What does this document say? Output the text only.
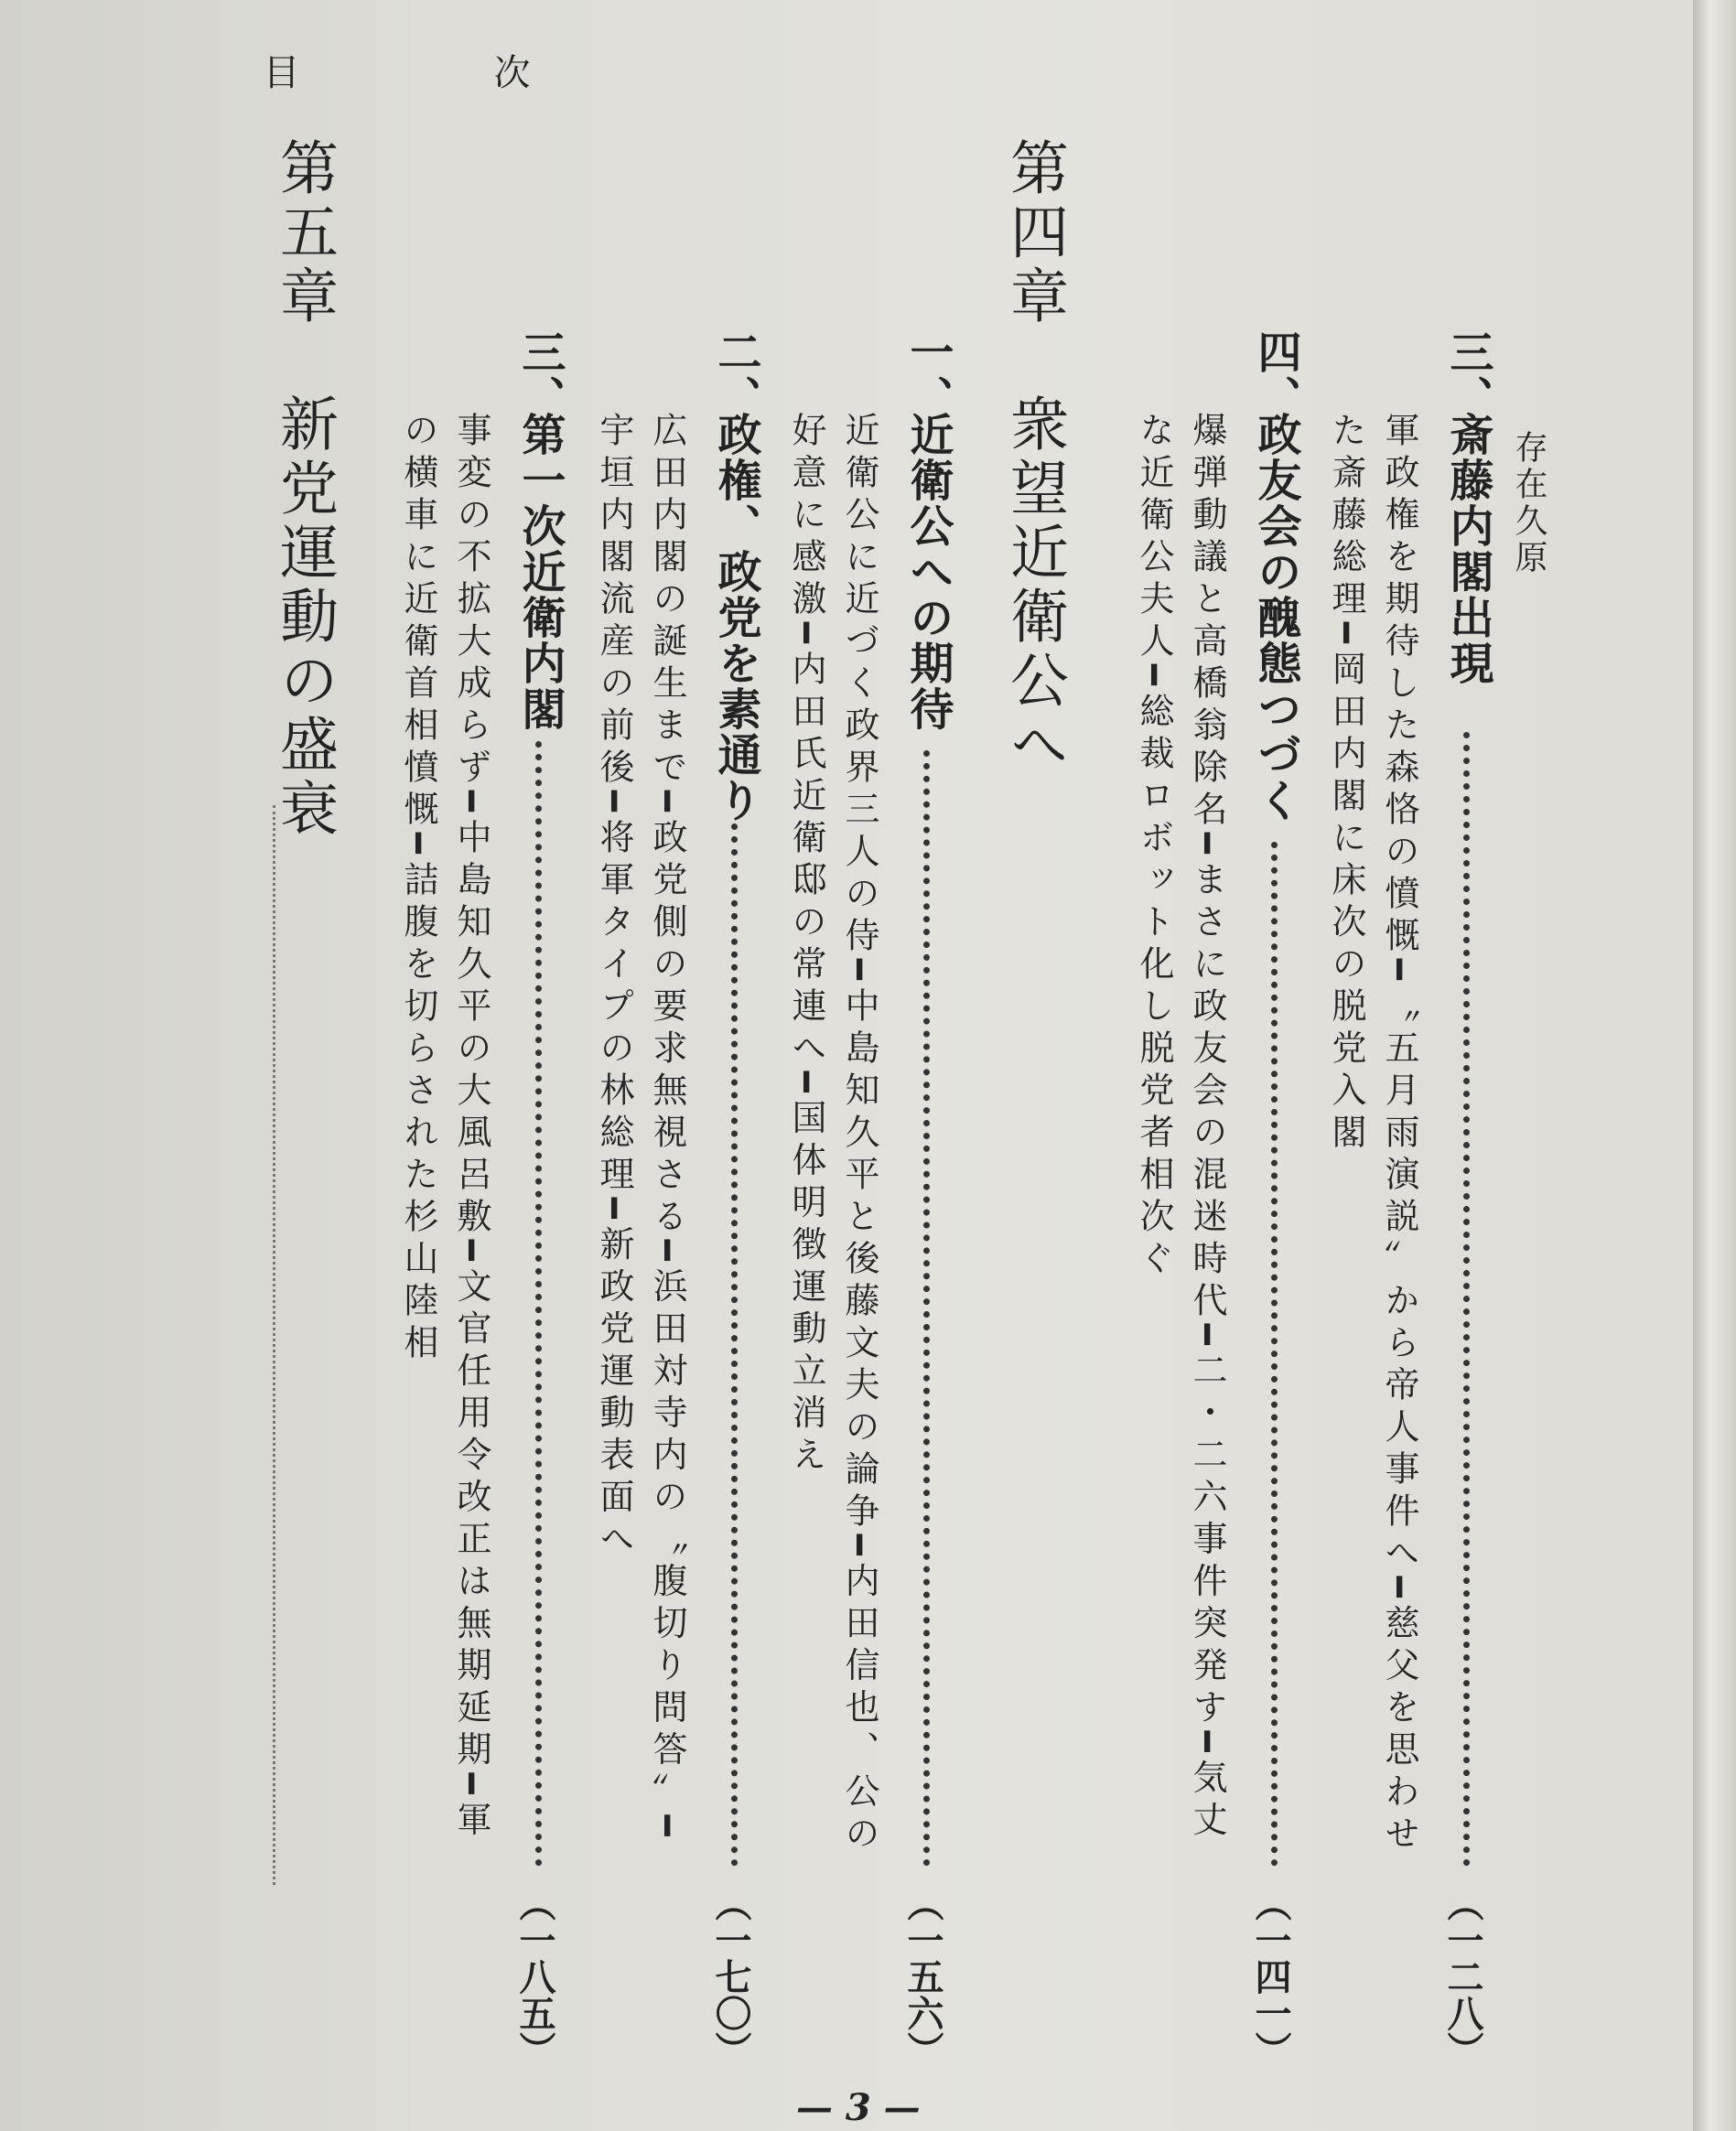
目	次
存在久原
三、
斎藤内閣出現
（一二八）
軍政権を期待した森恪の憤慨━〝五月雨演説〟から帝人事件へ━慈父を思わせ
た斎藤総理━岡田内閣に床次の脱党入閣
四、
政友会の醜態つづく
（一四一）
爆弾動議と高橋翁除名━まさに政友会の混迷時代━二・二六事件突発す━気丈
な近衛公夫人━総裁ロボット化し脱党者相次ぐ
第四章　衆望近衛公へ
一、
近衛公への期待
（一五六）
近衛公に近づく政界三人の侍━中島知久平と後藤文夫の論争━内田信也、公の
好意に感激━内田氏近衛邸の常連へ━国体明徴運動立消え
二、
政権、政党を素通り
（一七〇）
広田内閣の誕生まで━政党側の要求無視さる━浜田対寺内の〝腹切り問答〟━
宇垣内閣流産の前後━将軍タイプの林総理━新政党運動表面へ
三、
第一次近衛内閣
（一八五）
事変の不拡大成らず━中島知久平の大風呂敷━文官任用令改正は無期延期━軍
の横車に近衛首相憤慨━詰腹を切らされた杉山陸相
第五章　新党運動の盛衰
— 3 —
